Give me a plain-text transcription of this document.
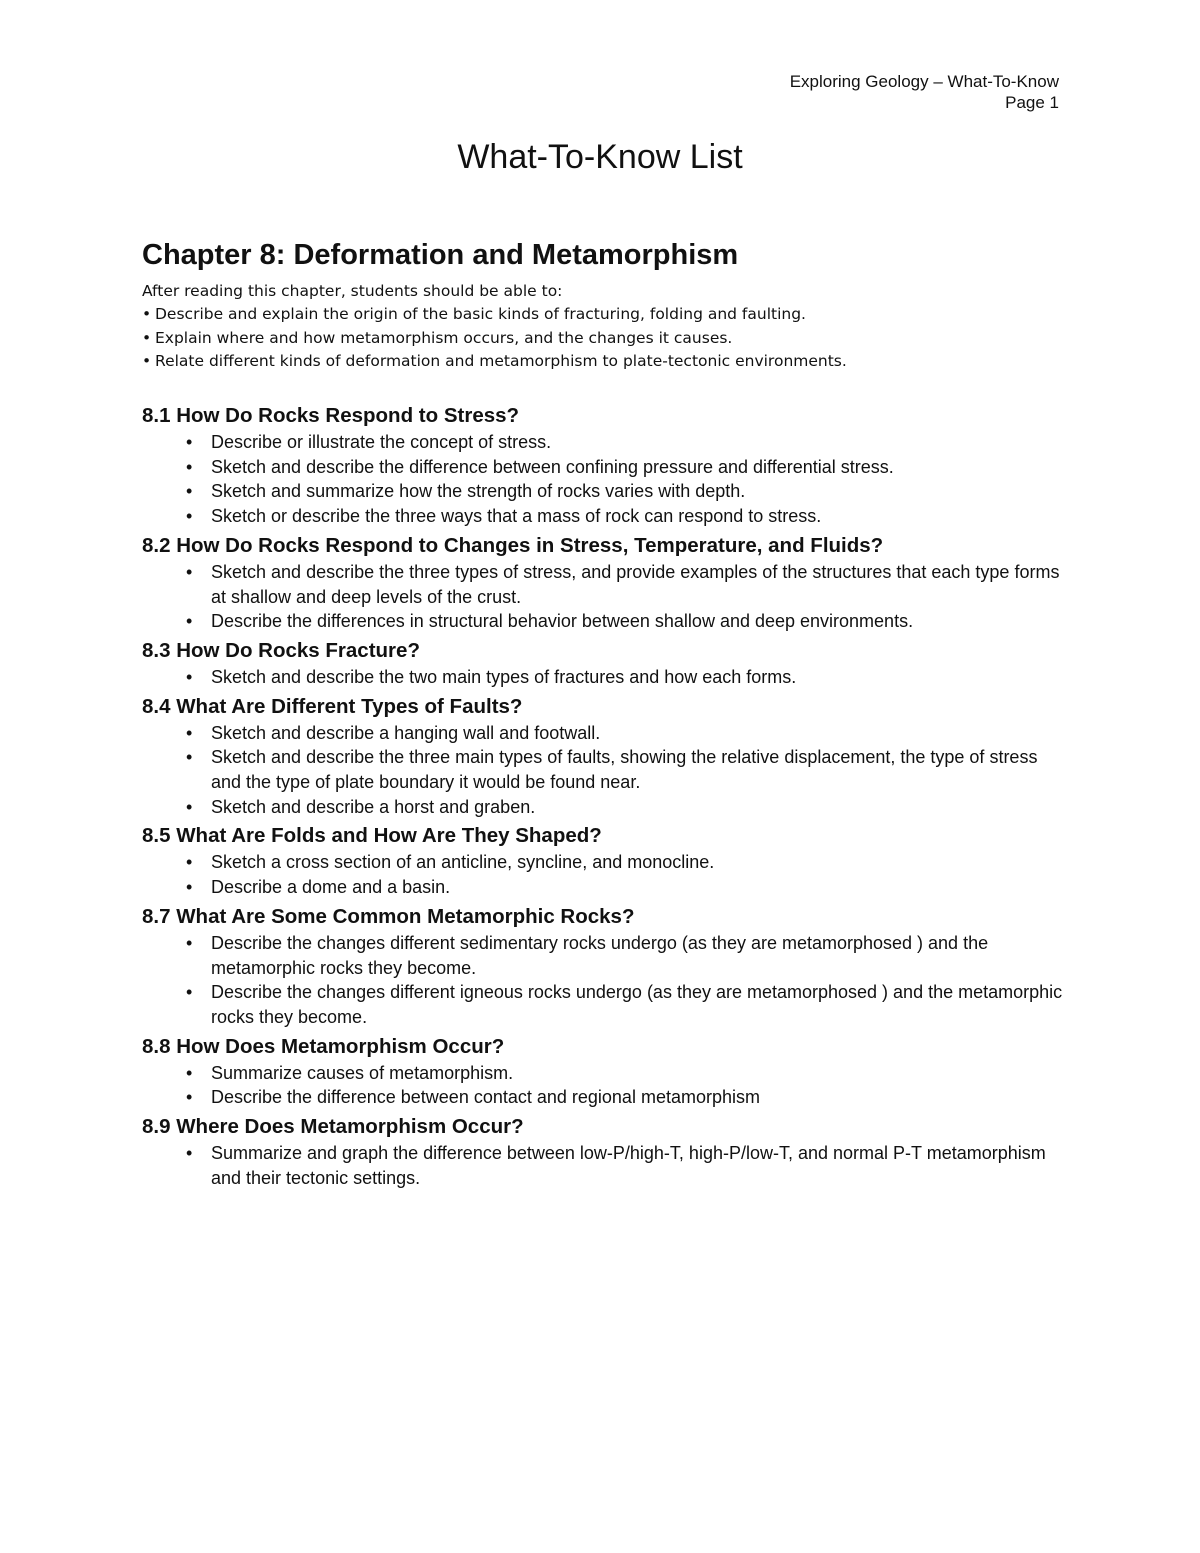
Exploring Geology – What-To-Know
Page 1
What-To-Know List
Chapter 8: Deformation and Metamorphism
After reading this chapter, students should be able to:
• Describe and explain the origin of the basic kinds of fracturing, folding and faulting.
• Explain where and how metamorphism occurs, and the changes it causes.
• Relate different kinds of deformation and metamorphism to plate-tectonic environments.
8.1 How Do Rocks Respond to Stress?
•	Describe or illustrate the concept of stress.
•	Sketch and describe the difference between confining pressure and differential stress.
•	Sketch and summarize how the strength of rocks varies with depth.
•	Sketch or describe the three ways that a mass of rock can respond to stress.
8.2 How Do Rocks Respond to Changes in Stress, Temperature, and Fluids?
•	Sketch and describe the three types of stress, and provide examples of the structures that each type forms at shallow and deep levels of the crust.
•	Describe the differences in structural behavior between shallow and deep environments.
8.3 How Do Rocks Fracture?
•	Sketch and describe the two main types of fractures and how each forms.
8.4 What Are Different Types of Faults?
•	Sketch and describe a hanging wall and footwall.
•	Sketch and describe the three main types of faults, showing the relative displacement, the type of stress and the type of plate boundary it would be found near.
•	Sketch and describe a horst and graben.
8.5 What Are Folds and How Are They Shaped?
•	Sketch a cross section of an anticline, syncline, and monocline.
•	Describe a dome and a basin.
8.7 What Are Some Common Metamorphic Rocks?
•	Describe the changes different sedimentary rocks undergo (as they are metamorphosed ) and the metamorphic rocks they become.
•	Describe the changes different igneous rocks undergo (as they are metamorphosed ) and the metamorphic rocks they become.
8.8 How Does Metamorphism Occur?
•	Summarize causes of metamorphism.
•	Describe the difference between contact and regional metamorphism
8.9 Where Does Metamorphism Occur?
•	Summarize and graph the difference between low-P/high-T, high-P/low-T, and normal P-T metamorphism and their tectonic settings.
